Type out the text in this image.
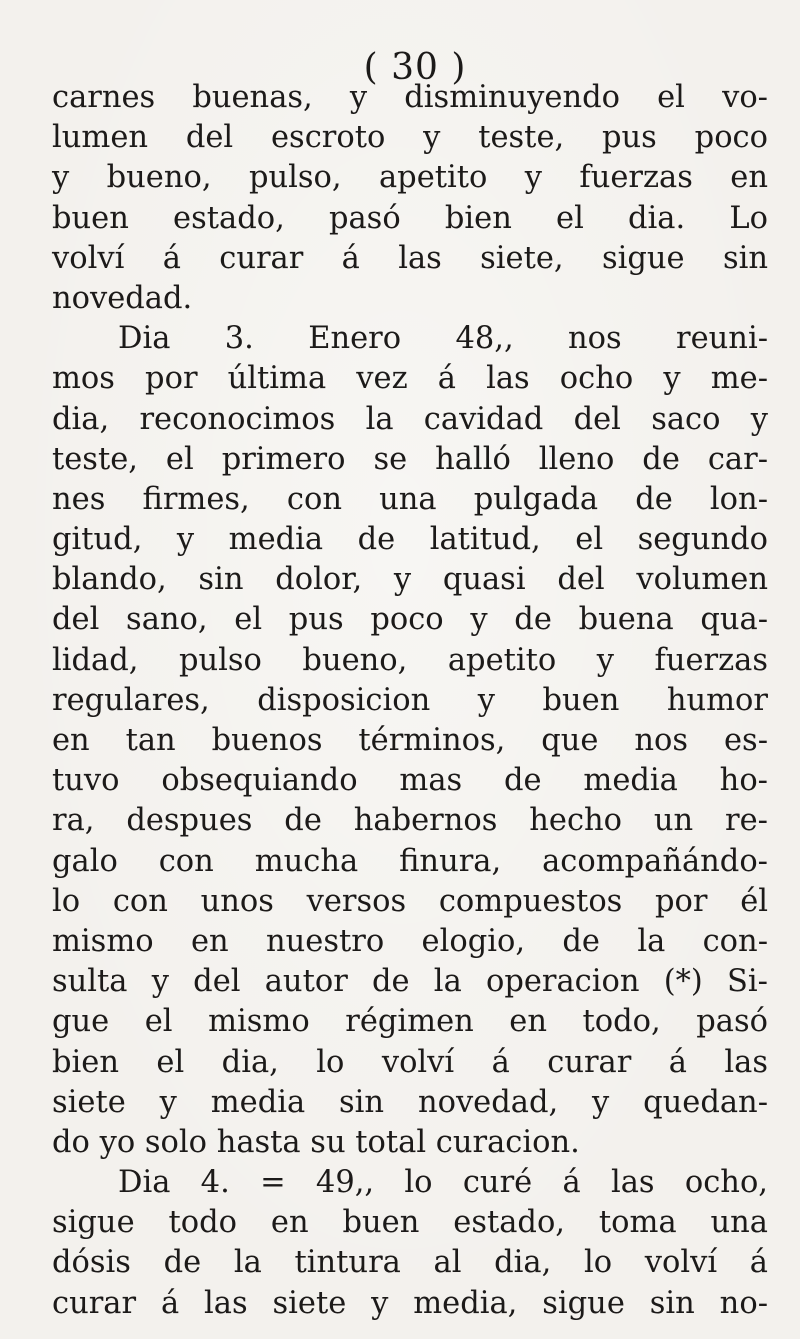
( 30 )
carnes buenas, y disminuyendo el vo-
lumen del escroto y teste, pus poco
y bueno, pulso, apetito y fuerzas en
buen estado, pasó bien el dia. Lo
volví á curar á las siete, sigue sin
novedad.
Dia 3. Enero 48,, nos reuni-
mos por última vez á las ocho y me-
dia, reconocimos la cavidad del saco y
teste, el primero se halló lleno de car-
nes firmes, con una pulgada de lon-
gitud, y media de latitud, el segundo
blando, sin dolor, y quasi del volumen
del sano, el pus poco y de buena qua-
lidad, pulso bueno, apetito y fuerzas
regulares, disposicion y buen humor
en tan buenos términos, que nos es-
tuvo obsequiando mas de media ho-
ra, despues de habernos hecho un re-
galo con mucha finura, acompañándo-
lo con unos versos compuestos por él
mismo en nuestro elogio, de la con-
sulta y del autor de la operacion (*) Si-
gue el mismo régimen en todo, pasó
bien el dia, lo volví á curar á las
siete y media sin novedad, y quedan-
do yo solo hasta su total curacion.
Dia 4. = 49,, lo curé á las ocho,
sigue todo en buen estado, toma una
dósis de la tintura al dia, lo volví á
curar á las siete y media, sigue sin no-
